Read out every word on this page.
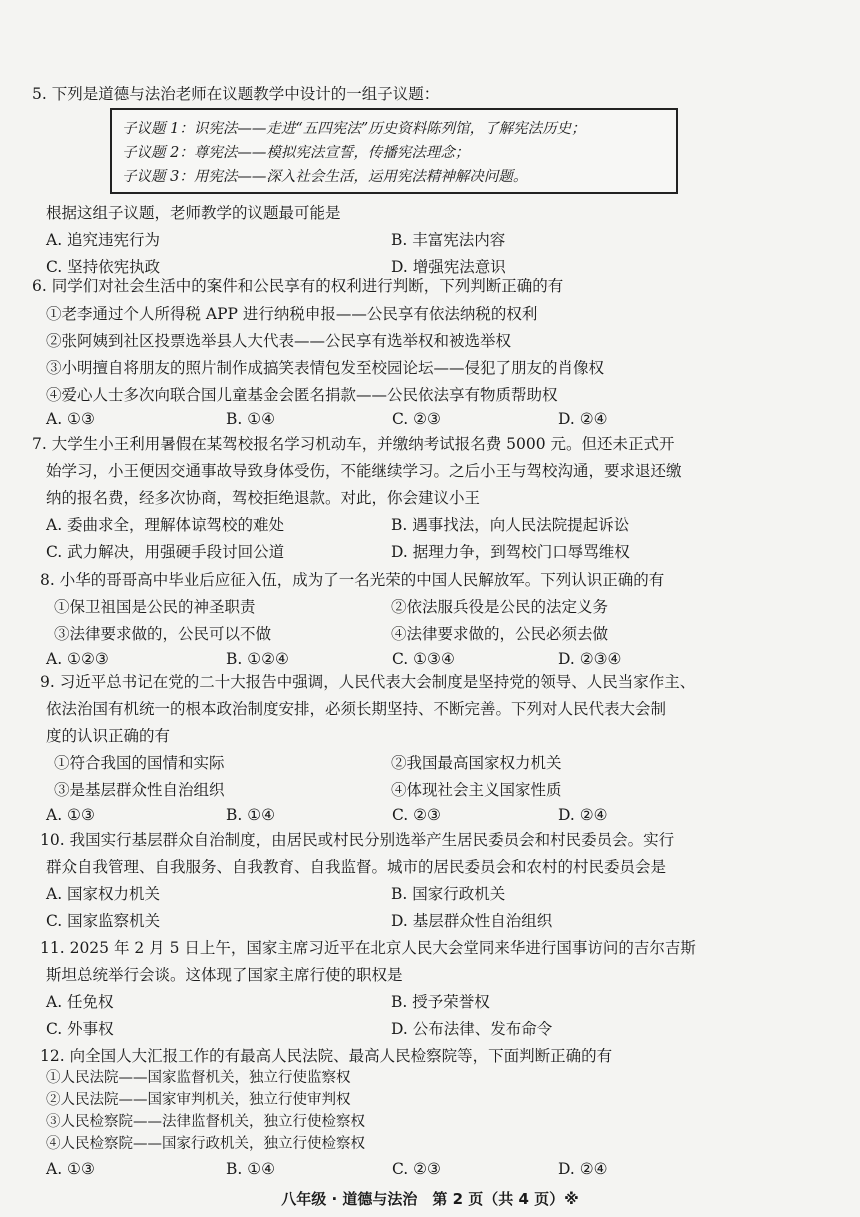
5. 下列是道德与法治老师在议题教学中设计的一组子议题：
子议题 1：识宪法——走进“五四宪法”历史资料陈列馆，了解宪法历史；
子议题 2：尊宪法——模拟宪法宣誓，传播宪法理念；
子议题 3：用宪法——深入社会生活，运用宪法精神解决问题。
根据这组子议题，老师教学的议题最可能是
A. 追究违宪行为	B. 丰富宪法内容
C. 坚持依宪执政	D. 增强宪法意识
6. 同学们对社会生活中的案件和公民享有的权利进行判断，下列判断正确的有
①老李通过个人所得税 APP 进行纳税申报——公民享有依法纳税的权利
②张阿姨到社区投票选举县人大代表——公民享有选举权和被选举权
③小明擅自将朋友的照片制作成搞笑表情包发至校园论坛——侵犯了朋友的肖像权
④爱心人士多次向联合国儿童基金会匿名捐款——公民依法享有物质帮助权
A. ①③	B. ①④	C. ②③	D. ②④
7. 大学生小王利用暑假在某驾校报名学习机动车，并缴纳考试报名费 5000 元。但还未正式开
始学习，小王便因交通事故导致身体受伤，不能继续学习。之后小王与驾校沟通，要求退还缴
纳的报名费，经多次协商，驾校拒绝退款。对此，你会建议小王
A. 委曲求全，理解体谅驾校的难处	B. 遇事找法，向人民法院提起诉讼
C. 武力解决，用强硬手段讨回公道	D. 据理力争，到驾校门口辱骂维权
8. 小华的哥哥高中毕业后应征入伍，成为了一名光荣的中国人民解放军。下列认识正确的有
①保卫祖国是公民的神圣职责	②依法服兵役是公民的法定义务
③法律要求做的，公民可以不做	④法律要求做的，公民必须去做
A. ①②③	B. ①②④	C. ①③④	D. ②③④
9. 习近平总书记在党的二十大报告中强调，人民代表大会制度是坚持党的领导、人民当家作主、
依法治国有机统一的根本政治制度安排，必须长期坚持、不断完善。下列对人民代表大会制
度的认识正确的有
①符合我国的国情和实际	②我国最高国家权力机关
③是基层群众性自治组织	④体现社会主义国家性质
A. ①③	B. ①④	C. ②③	D. ②④
10. 我国实行基层群众自治制度，由居民或村民分别选举产生居民委员会和村民委员会。实行
群众自我管理、自我服务、自我教育、自我监督。城市的居民委员会和农村的村民委员会是
A. 国家权力机关	B. 国家行政机关
C. 国家监察机关	D. 基层群众性自治组织
11. 2025 年 2 月 5 日上午，国家主席习近平在北京人民大会堂同来华进行国事访问的吉尔吉斯
斯坦总统举行会谈。这体现了国家主席行使的职权是
A. 任免权	B. 授予荣誉权
C. 外事权	D. 公布法律、发布命令
12. 向全国人大汇报工作的有最高人民法院、最高人民检察院等，下面判断正确的有
①人民法院——国家监督机关，独立行使监察权
②人民法院——国家审判机关，独立行使审判权
③人民检察院——法律监督机关，独立行使检察权
④人民检察院——国家行政机关，独立行使检察权
A. ①③	B. ①④	C. ②③	D. ②④
八年级 · 道德与法治　第 2 页（共 4 页）※
